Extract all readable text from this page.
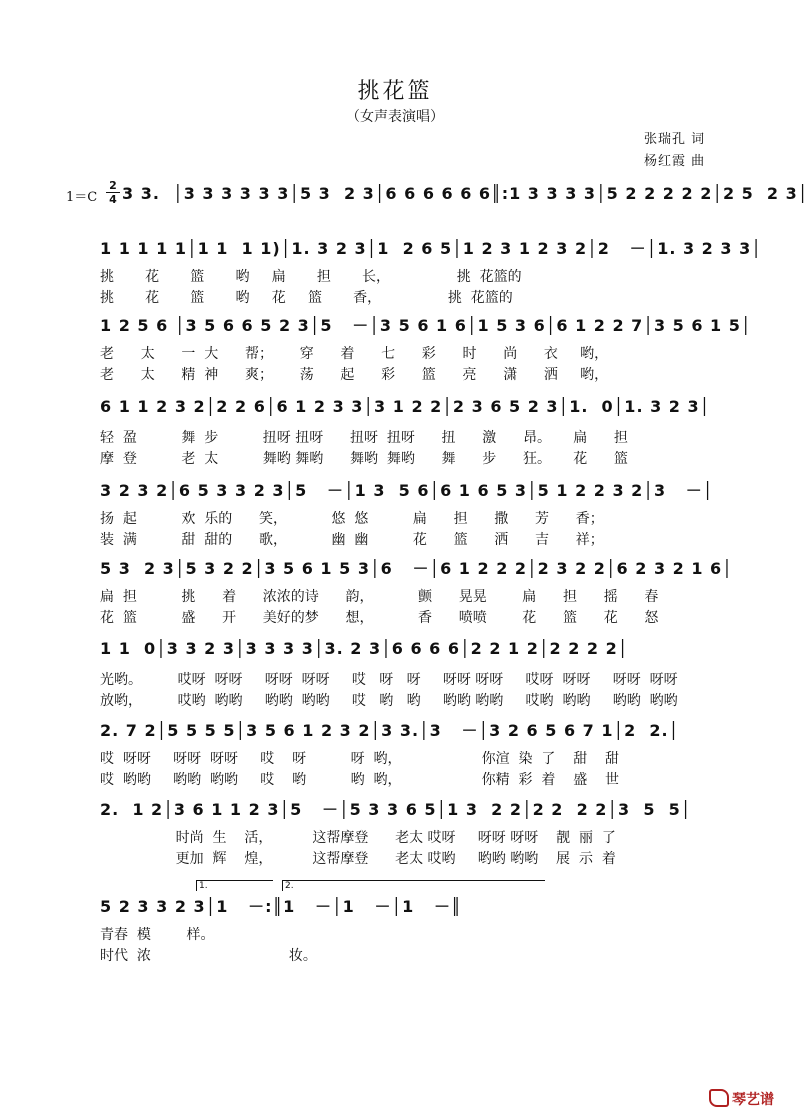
挑花篮
（女声表演唱）
张瑞孔 词
杨红霞 曲
1＝C
2
4 3 3.  │3 3 3 3 3 3│5 3  2 3│6 6 6 6 6 6║:1 3 3 3 3│5 2 2 2 2 2│2 5  2 3│
1 1 1 1 1│1 1  1 1)│1. 3 2 3│1  2 6 5│1 2 3 1 2 3 2│2   －│1. 3 2 3 3│
挑       花       篮       哟     扁       担       长，               挑  花篮的
挑       花       篮       哟     花     篮       香，               挑  花篮的
1 2 5 6 │3 5 6 6 5 2 3│5   －│3 5 6 1 6│1 5 3 6│6 1 2 2 7│3 5 6 1 5│
老      太      一  大      帮；      穿      着      七      彩      时      尚      衣     哟，
老      太      精  神      爽；      荡      起      彩      篮      亮      潇      洒     哟，
6 1 1 2 3 2│2 2 6│6 1 2 3 3│3 1 2 2│2 3 6 5 2 3│1.  0│1. 3 2 3│
轻  盈          舞  步          扭呀 扭呀      扭呀  扭呀      扭      激      昂。     扁      担
摩  登          老  太          舞哟 舞哟      舞哟  舞哟      舞      步      狂。     花      篮
3 2 3 2│6 5 3 3 2 3│5   －│1 3  5 6│6 1 6 5 3│5 1 2 2 3 2│3   －│
扬  起          欢  乐的      笑，          悠  悠          扁      担      撒      芳      香；
装  满          甜  甜的      歌，          幽  幽          花      篮      洒      吉      祥；
5 3  2 3│5 3 2 2│3 5 6 1 5 3│6   －│6 1 2 2 2│2 3 2 2│6 2 3 2 1 6│
扁  担          挑      着      浓浓的诗      韵，          颤      晃晃        扁      担      摇      春
花  篮          盛      开      美好的梦      想，          香      喷喷        花      篮      花      怒
1 1  0│3 3 2 3│3 3 3 3│3. 2 3│6 6 6 6│2 2 1 2│2 2 2 2│
光哟。        哎呀  呀呀     呀呀  呀呀     哎   呀   呀     呀呀 呀呀     哎呀  呀呀     呀呀  呀呀
放哟，        哎哟  哟哟     哟哟  哟哟     哎   哟   哟     哟哟 哟哟     哎哟  哟哟     哟哟  哟哟
2. 7 2│5 5 5 5│3 5 6 1 2 3 2│3 3.│3   －│3 2 6 5 6 7 1│2  2.│
哎  呀呀     呀呀  呀呀     哎    呀          呀  哟，                  你渲  染  了    甜    甜
哎  哟哟     哟哟  哟哟     哎    哟          哟  哟，                  你精  彩  着    盛    世
2.  1 2│3 6 1 1 2 3│5   －│5 3 3 6 5│1 3  2 2│2 2  2 2│3  5  5│
时尚  生    活，         这帮摩登      老太 哎呀     呀呀 呀呀    靓  丽  了
更加  辉    煌，         这帮摩登      老太 哎哟     哟哟 哟哟    展  示  着
5 2 3 3 2 3│1   －:║1   －│1   －│1   －║
青春  模        样。
时代  浓                               妆。
1.	2.
琴艺谱
